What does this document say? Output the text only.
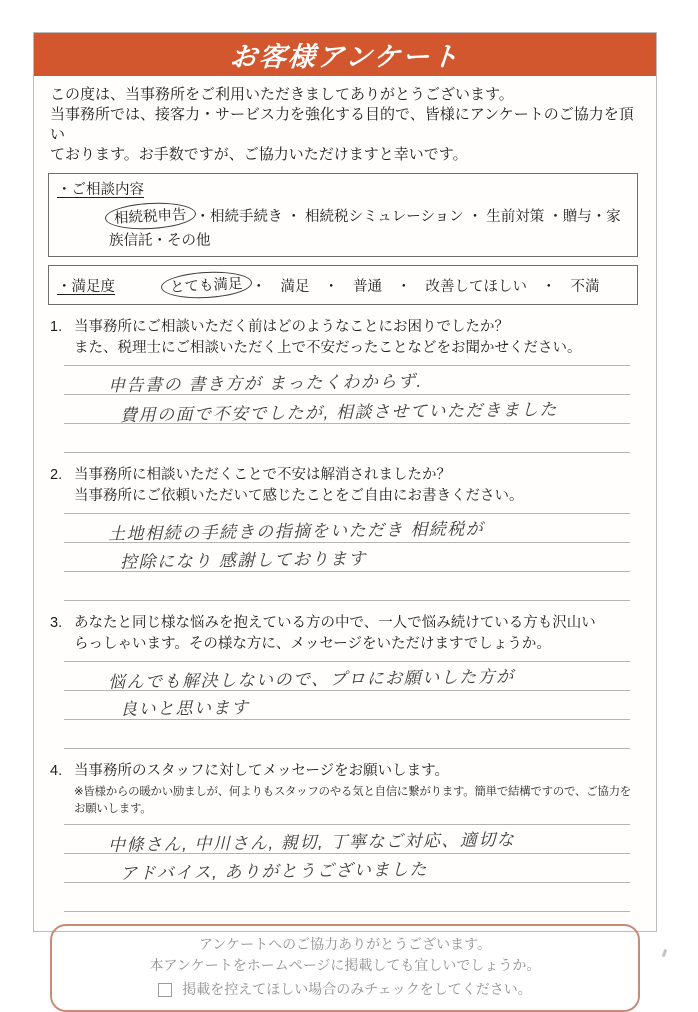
お客様アンケート
この度は、当事務所をご利用いただきましてありがとうございます。
当事務所では、接客力・サービス力を強化する目的で、皆様にアンケートのご協力を頂い
ております。お手数ですが、ご協力いただけますと幸いです。
・ご相談内容
相続税申告 ・相続手続き ・ 相続税シミュレーション ・ 生前対策 ・贈与・家族信託・その他
・満足度	とても満足 ・　満足　・　普通　・　改善してほしい　・　不満
1. 当事務所にご相談いただく前はどのようなことにお困りでしたか？
また、税理士にご相談いただく上で不安だったことなどをお聞かせください。
申告書の 書き方が まったくわからず.
費用の面で不安でしたが, 相談させていただきました
2. 当事務所に相談いただくことで不安は解消されましたか？
当事務所にご依頼いただいて感じたことをご自由にお書きください。
土地相続の手続きの指摘をいただき 相続税が
控除になり 感謝しております
3. あなたと同じ様な悩みを抱えている方の中で、一人で悩み続けている方も沢山い
らっしゃいます。その様な方に、メッセージをいただけますでしょうか。
悩んでも解決しないので、プロにお願いした方が
良いと思います
4. 当事務所のスタッフに対してメッセージをお願いします。
※皆様からの暖かい励ましが、何よりもスタッフのやる気と自信に繋がります。簡単で結構ですので、ご協力をお願いします。
中條さん, 中川さん, 親切, 丁寧なご対応、適切な
アドバイス, ありがとうございました
アンケートへのご協力ありがとうございます。
本アンケートをホームページに掲載しても宜しいでしょうか。
掲載を控えてほしい場合のみチェックをしてください。
